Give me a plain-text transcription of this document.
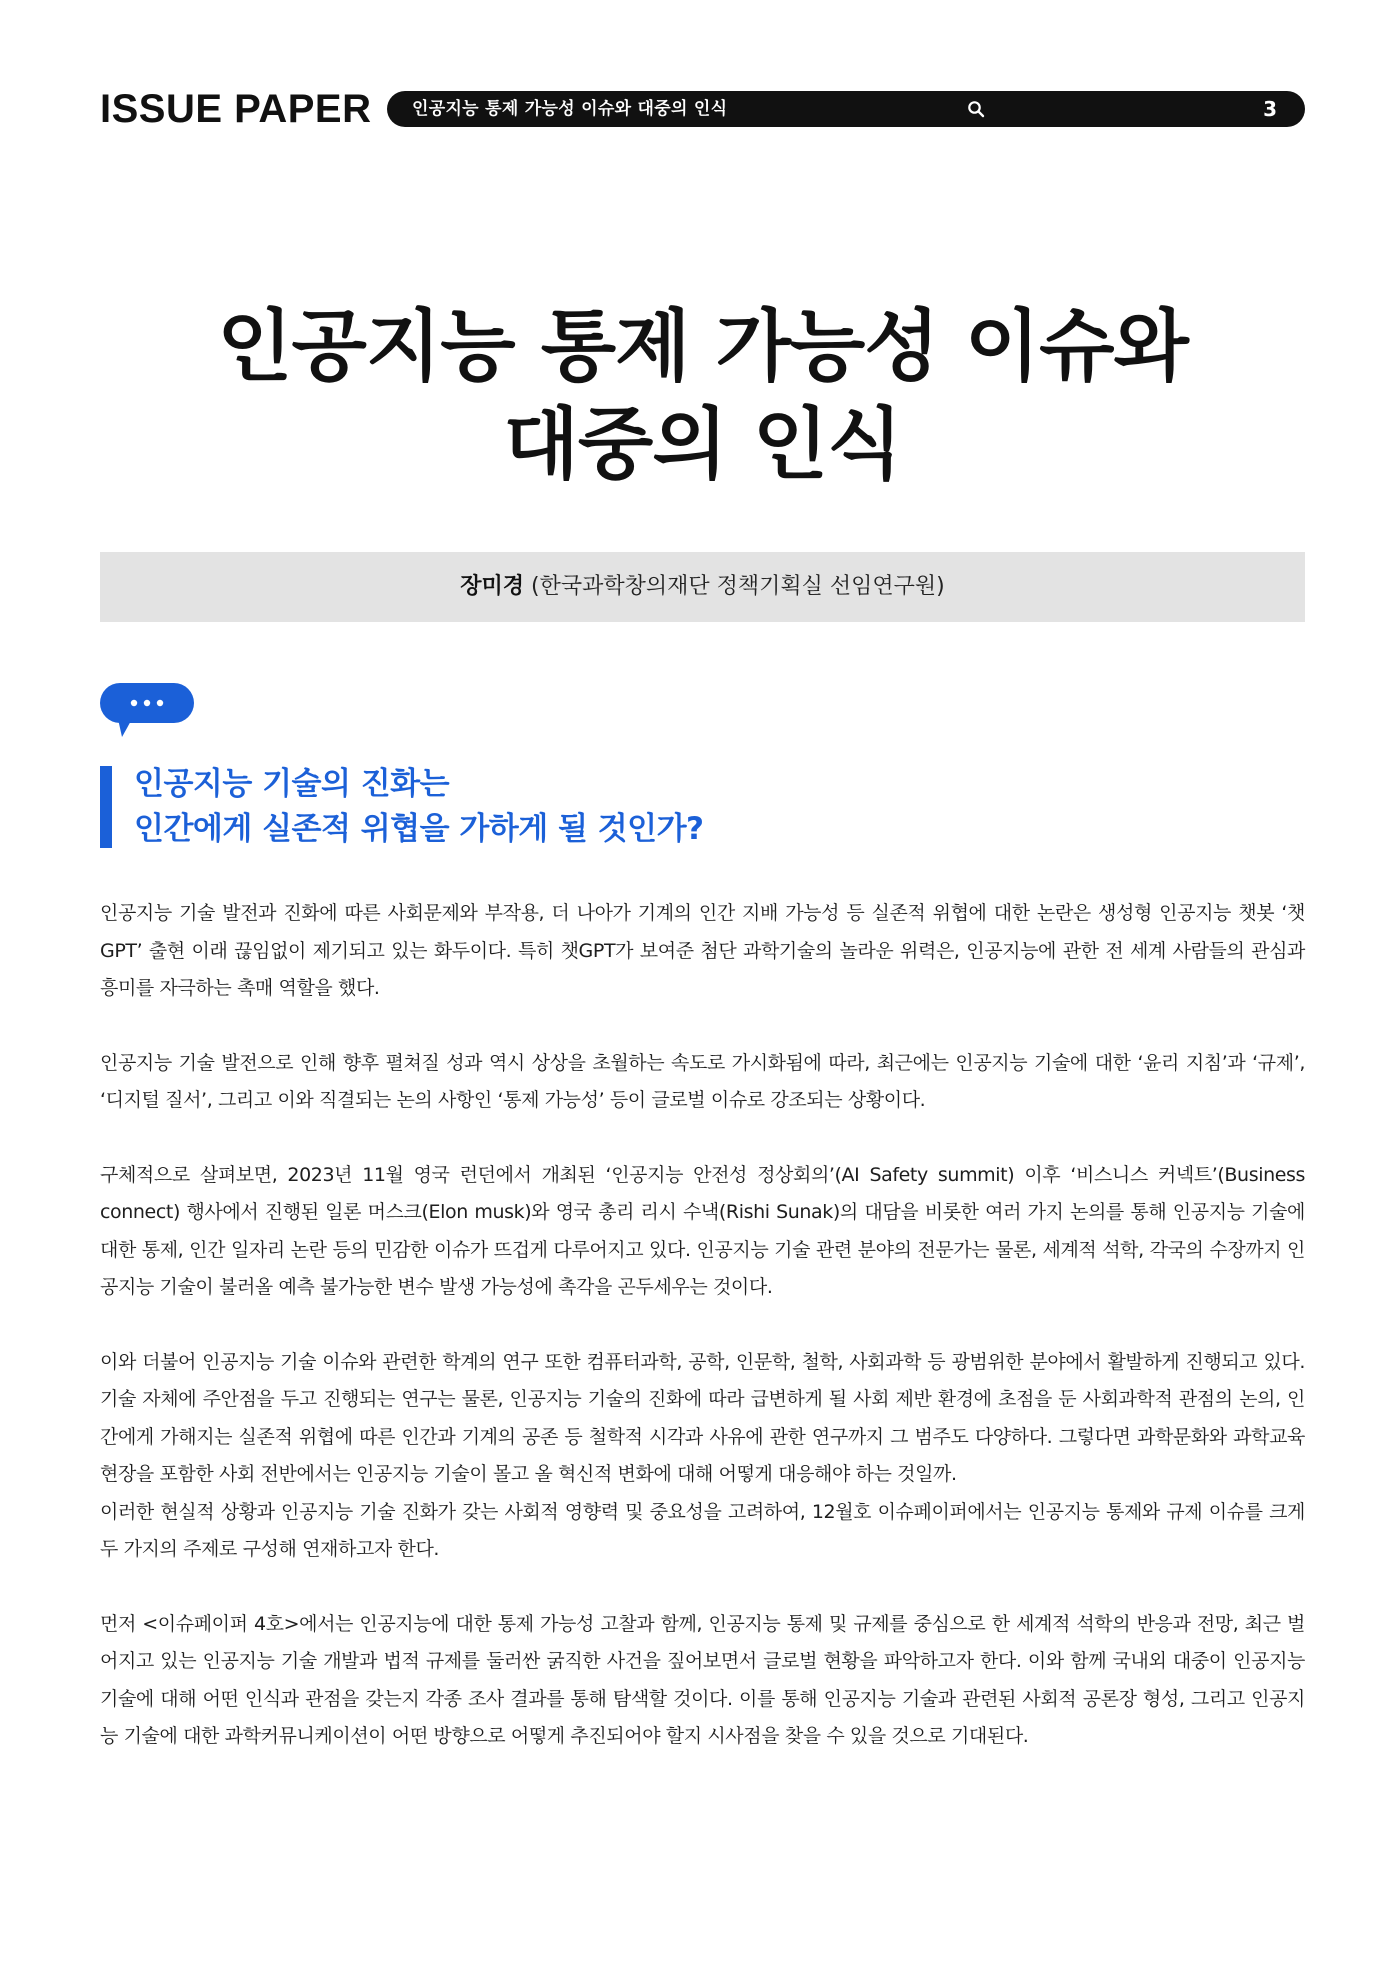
ISSUE PAPER 인공지능 통제 가능성 이슈와 대중의 인식	3
인공지능 통제 가능성 이슈와
대중의 인식
장미경 (한국과학창의재단 정책기획실 선임연구원)
인공지능 기술의 진화는
인간에게 실존적 위협을 가하게 될 것인가?

인공지능 기술 발전과 진화에 따른 사회문제와 부작용, 더 나아가 기계의 인간 지배 가능성 등 실존적 위협에 대한 논란은 생성형 인공지능 챗봇 ‘챗GPT’ 출현 이래 끊임없이 제기되고 있는 화두이다. 특히 챗GPT가 보여준 첨단 과학기술의 놀라운 위력은, 인공지능에 관한 전 세계 사람들의 관심과 흥미를 자극하는 촉매 역할을 했다.

인공지능 기술 발전으로 인해 향후 펼쳐질 성과 역시 상상을 초월하는 속도로 가시화됨에 따라, 최근에는 인공지능 기술에 대한 ‘윤리 지침’과 ‘규제’, ‘디지털 질서’, 그리고 이와 직결되는 논의 사항인 ‘통제 가능성’ 등이 글로벌 이슈로 강조되는 상황이다.

구체적으로 살펴보면, 2023년 11월 영국 런던에서 개최된 ‘인공지능 안전성 정상회의’(AI Safety summit) 이후 ‘비스니스 커넥트’(Business connect) 행사에서 진행된 일론 머스크(Elon musk)와 영국 총리 리시 수낵(Rishi Sunak)의 대담을 비롯한 여러 가지 논의를 통해 인공지능 기술에 대한 통제, 인간 일자리 논란 등의 민감한 이슈가 뜨겁게 다루어지고 있다. 인공지능 기술 관련 분야의 전문가는 물론, 세계적 석학, 각국의 수장까지 인공지능 기술이 불러올 예측 불가능한 변수 발생 가능성에 촉각을 곤두세우는 것이다.

이와 더불어 인공지능 기술 이슈와 관련한 학계의 연구 또한 컴퓨터과학, 공학, 인문학, 철학, 사회과학 등 광범위한 분야에서 활발하게 진행되고 있다. 기술 자체에 주안점을 두고 진행되는 연구는 물론, 인공지능 기술의 진화에 따라 급변하게 될 사회 제반 환경에 초점을 둔 사회과학적 관점의 논의, 인간에게 가해지는 실존적 위협에 따른 인간과 기계의 공존 등 철학적 시각과 사유에 관한 연구까지 그 범주도 다양하다. 그렇다면 과학문화와 과학교육 현장을 포함한 사회 전반에서는 인공지능 기술이 몰고 올 혁신적 변화에 대해 어떻게 대응해야 하는 것일까.

이러한 현실적 상황과 인공지능 기술 진화가 갖는 사회적 영향력 및 중요성을 고려하여, 12월호 이슈페이퍼에서는 인공지능 통제와 규제 이슈를 크게 두 가지의 주제로 구성해 연재하고자 한다.

먼저 <이슈페이퍼 4호>에서는 인공지능에 대한 통제 가능성 고찰과 함께, 인공지능 통제 및 규제를 중심으로 한 세계적 석학의 반응과 전망, 최근 벌어지고 있는 인공지능 기술 개발과 법적 규제를 둘러싼 굵직한 사건을 짚어보면서 글로벌 현황을 파악하고자 한다. 이와 함께 국내외 대중이 인공지능 기술에 대해 어떤 인식과 관점을 갖는지 각종 조사 결과를 통해 탐색할 것이다. 이를 통해 인공지능 기술과 관련된 사회적 공론장 형성, 그리고 인공지능 기술에 대한 과학커뮤니케이션이 어떤 방향으로 어떻게 추진되어야 할지 시사점을 찾을 수 있을 것으로 기대된다.
